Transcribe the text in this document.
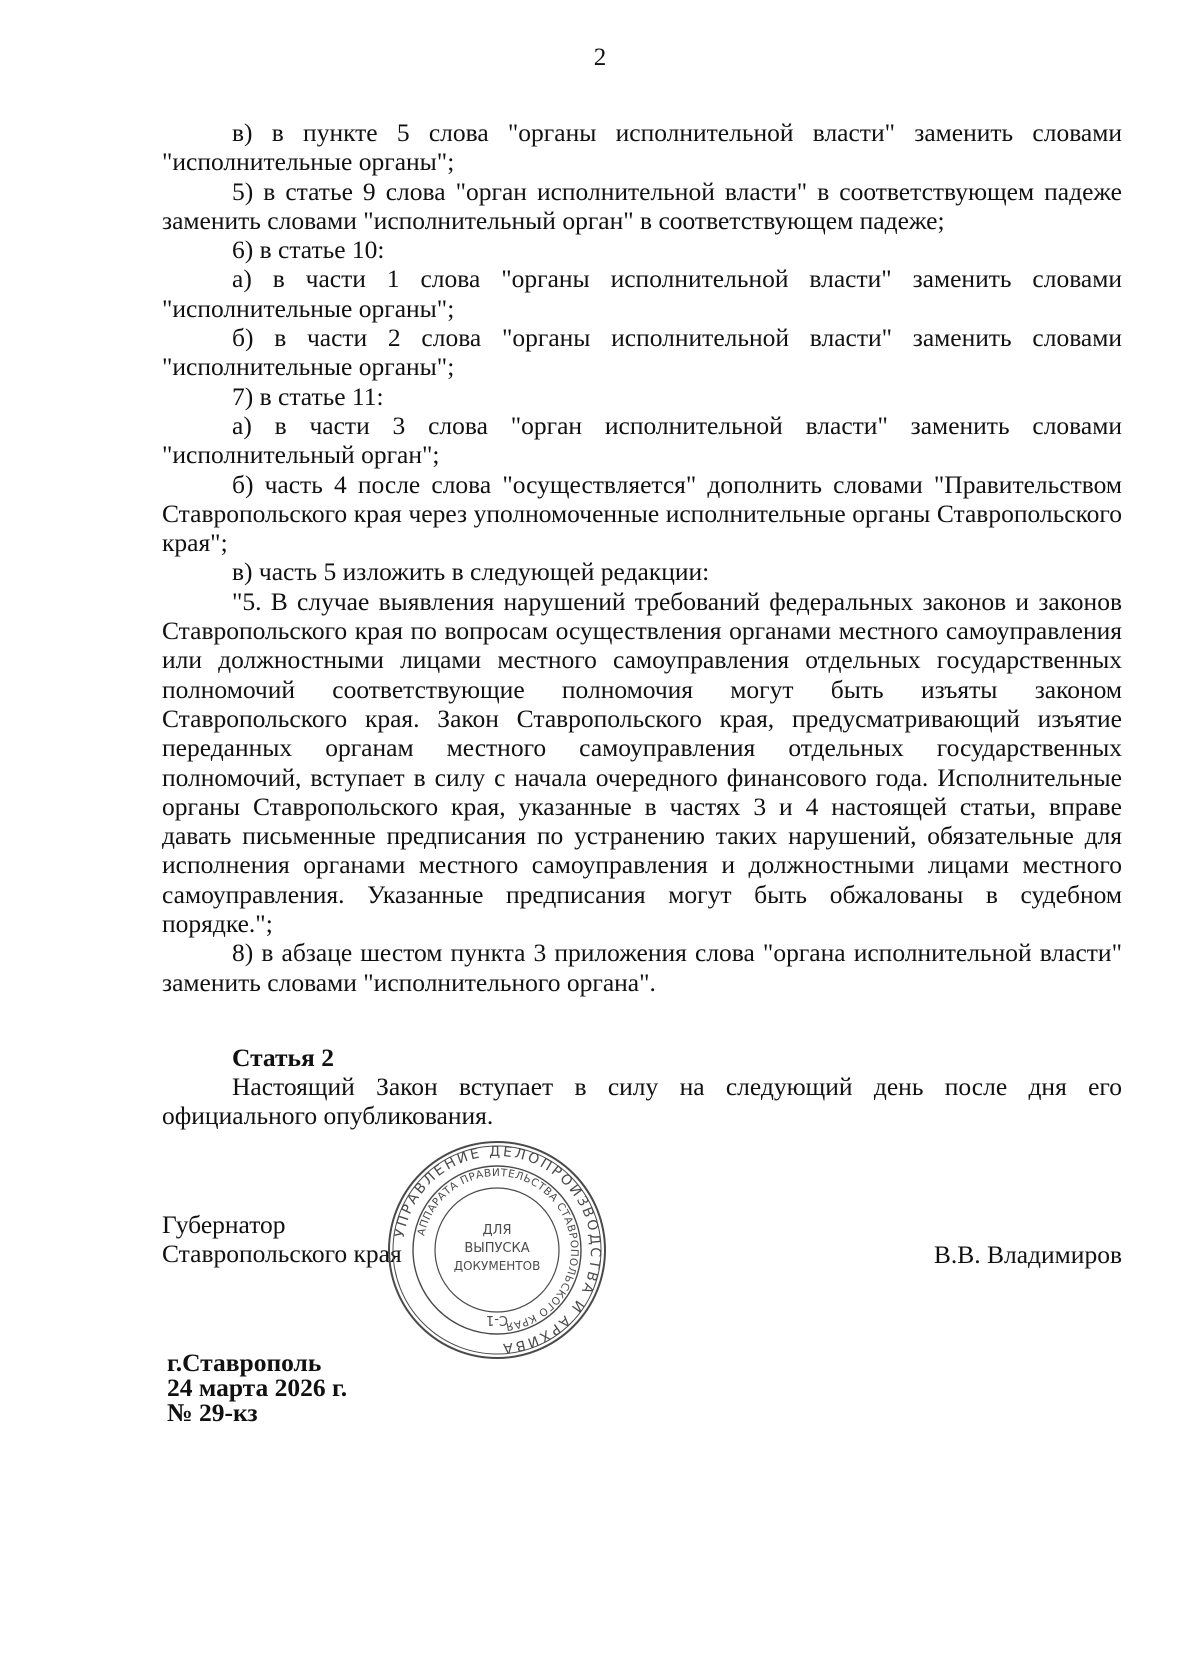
2

в) в пункте 5 слова "органы исполнительной власти" заменить словами "исполнительные органы";

5) в статье 9 слова "орган исполнительной власти" в соответствующем падеже заменить словами "исполнительный орган" в соответствующем падеже;

6) в статье 10:

а) в части 1 слова "органы исполнительной власти" заменить словами "исполнительные органы";

б) в части 2 слова "органы исполнительной власти" заменить словами "исполнительные органы";

7) в статье 11:

а) в части 3 слова "орган исполнительной власти" заменить словами "исполнительный орган";

б) часть 4 после слова "осуществляется" дополнить словами "Правительством Ставропольского края через уполномоченные исполнительные органы Ставропольского края";

в) часть 5 изложить в следующей редакции:

"5. В случае выявления нарушений требований федеральных законов и законов Ставропольского края по вопросам осуществления органами местного самоуправления или должностными лицами местного самоуправления отдельных государственных полномочий соответствующие полномочия могут быть изъяты законом Ставропольского края. Закон Ставропольского края, предусматривающий изъятие переданных органам местного самоуправления отдельных государственных полномочий, вступает в силу с начала очередного финансового года. Исполнительные органы Ставропольского края, указанные в частях 3 и 4 настоящей статьи, вправе давать письменные предписания по устранению таких нарушений, обязательные для исполнения органами местного самоуправления и должностными лицами местного самоуправления. Указанные предписания могут быть обжалованы в судебном порядке.";

8) в абзаце шестом пункта 3 приложения слова "органа исполнительной власти" заменить словами "исполнительного органа".

Статья 2

Настоящий Закон вступает в силу на следующий день после дня его официального опубликования.

Губернатор
Ставропольского края
УПРАВЛЕНИЕ ДЕЛОПРОИЗВОДСТВА И АРХИВА
АППАРАТА ПРАВИТЕЛЬСТВА СТАВРОПОЛЬСКОГО КРАЯ
ДЛЯ
ВЫПУСКА
ДОКУМЕНТОВ
С-1
В.В. Владимиров
г.Ставрополь
24 марта 2026 г.
№ 29-кз
